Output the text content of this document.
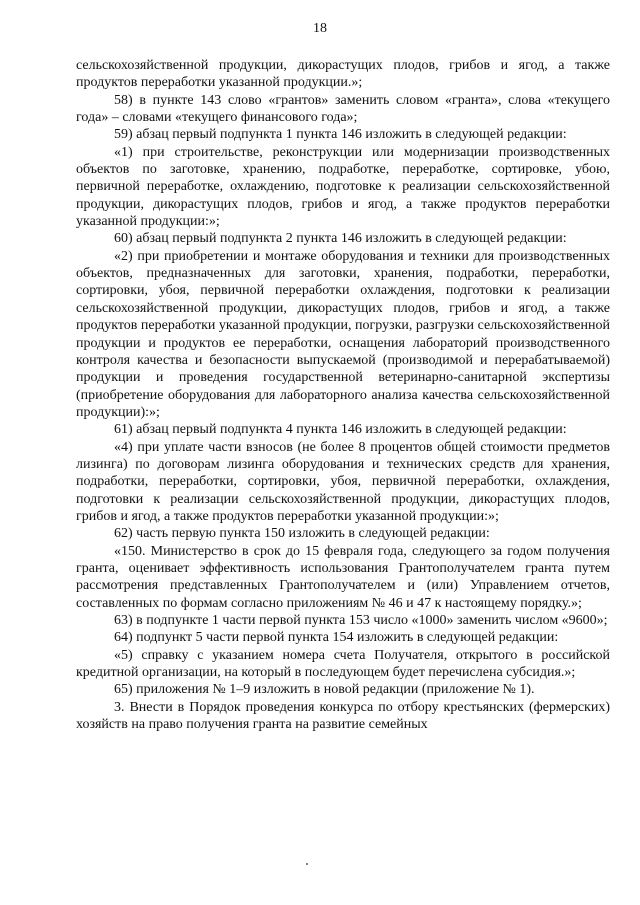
18

сельскохозяйственной продукции, дикорастущих плодов, грибов и ягод, а также продуктов переработки указанной продукции.»;

58) в пункте 143 слово «грантов» заменить словом «гранта», слова «текущего года» – словами «текущего финансового года»;

59) абзац первый подпункта 1 пункта 146 изложить в следующей редакции:

«1) при строительстве, реконструкции или модернизации производственных объектов по заготовке, хранению, подработке, переработке, сортировке, убою, первичной переработке, охлаждению, подготовке к реализации сельскохозяйственной продукции, дикорастущих плодов, грибов и ягод, а также продуктов переработки указанной продукции:»;

60) абзац первый подпункта 2 пункта 146 изложить в следующей редакции:

«2) при приобретении и монтаже оборудования и техники для производственных объектов, предназначенных для заготовки, хранения, подработки, переработки, сортировки, убоя, первичной переработки охлаждения, подготовки к реализации сельскохозяйственной продукции, дикорастущих плодов, грибов и ягод, а также продуктов переработки указанной продукции, погрузки, разгрузки сельскохозяйственной продукции и продуктов ее переработки, оснащения лабораторий производственного контроля качества и безопасности выпускаемой (производимой и перерабатываемой) продукции и проведения государственной ветеринарно-санитарной экспертизы (приобретение оборудования для лабораторного анализа качества сельскохозяйственной продукции):»;

61) абзац первый подпункта 4 пункта 146 изложить в следующей редакции:

«4) при уплате части взносов (не более 8 процентов общей стоимости предметов лизинга) по договорам лизинга оборудования и технических средств для хранения, подработки, переработки, сортировки, убоя, первичной переработки, охлаждения, подготовки к реализации сельскохозяйственной продукции, дикорастущих плодов, грибов и ягод, а также продуктов переработки указанной продукции:»;

62) часть первую пункта 150 изложить в следующей редакции:

«150. Министерство в срок до 15 февраля года, следующего за годом получения гранта, оценивает эффективность использования Грантополучателем гранта путем рассмотрения представленных Грантополучателем и (или) Управлением отчетов, составленных по формам согласно приложениям № 46 и 47 к настоящему порядку.»;

63) в подпункте 1 части первой пункта 153 число «1000» заменить числом «9600»;

64) подпункт 5 части первой пункта 154 изложить в следующей редакции:

«5) справку с указанием номера счета Получателя, открытого в российской кредитной организации, на который в последующем будет перечислена субсидия.»;

65) приложения № 1–9 изложить в новой редакции (приложение № 1).

3. Внести в Порядок проведения конкурса по отбору крестьянских (фермерских) хозяйств на право получения гранта на развитие семейных
